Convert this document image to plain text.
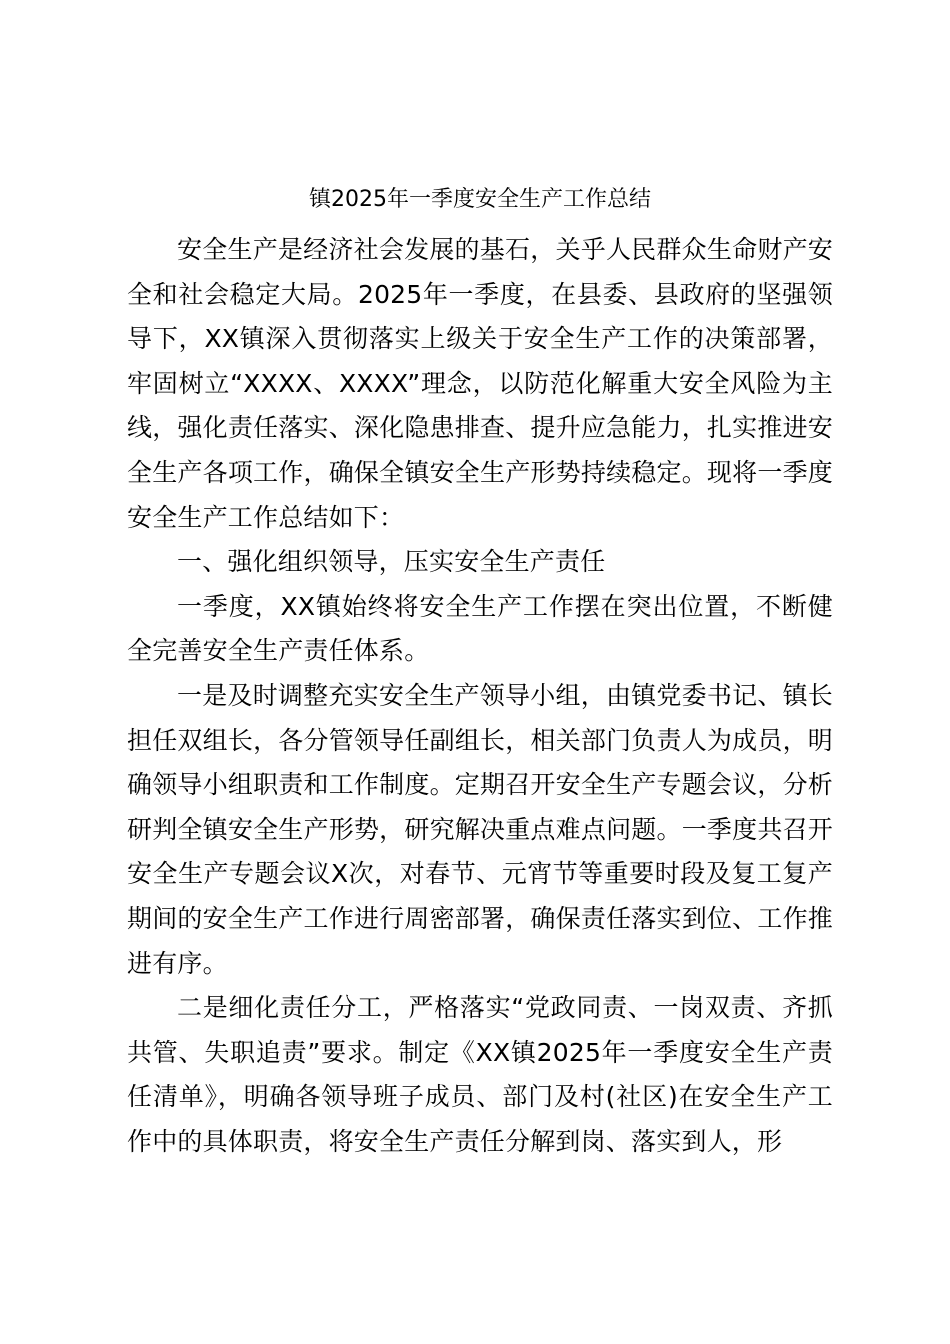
镇2025年一季度安全生产工作总结

安全生产是经济社会发展的基石，关乎人民群众生命财产安全和社会稳定大局。2025年一季度，在县委、县政府的坚强领导下，XX镇深入贯彻落实上级关于安全生产工作的决策部署，牢固树立“XXXX、XXXX”理念，以防范化解重大安全风险为主线，强化责任落实、深化隐患排查、提升应急能力，扎实推进安全生产各项工作，确保全镇安全生产形势持续稳定。现将一季度安全生产工作总结如下：

一、强化组织领导，压实安全生产责任

一季度，XX镇始终将安全生产工作摆在突出位置，不断健全完善安全生产责任体系。

一是及时调整充实安全生产领导小组，由镇党委书记、镇长担任双组长，各分管领导任副组长，相关部门负责人为成员，明确领导小组职责和工作制度。定期召开安全生产专题会议，分析研判全镇安全生产形势，研究解决重点难点问题。一季度共召开安全生产专题会议X次，对春节、元宵节等重要时段及复工复产期间的安全生产工作进行周密部署，确保责任落实到位、工作推进有序。

二是细化责任分工，严格落实“党政同责、一岗双责、齐抓共管、失职追责”要求。制定《XX镇2025年一季度安全生产责任清单》，明确各领导班子成员、部门及村(社区)在安全生产工作中的具体职责，将安全生产责任分解到岗、落实到人，形
